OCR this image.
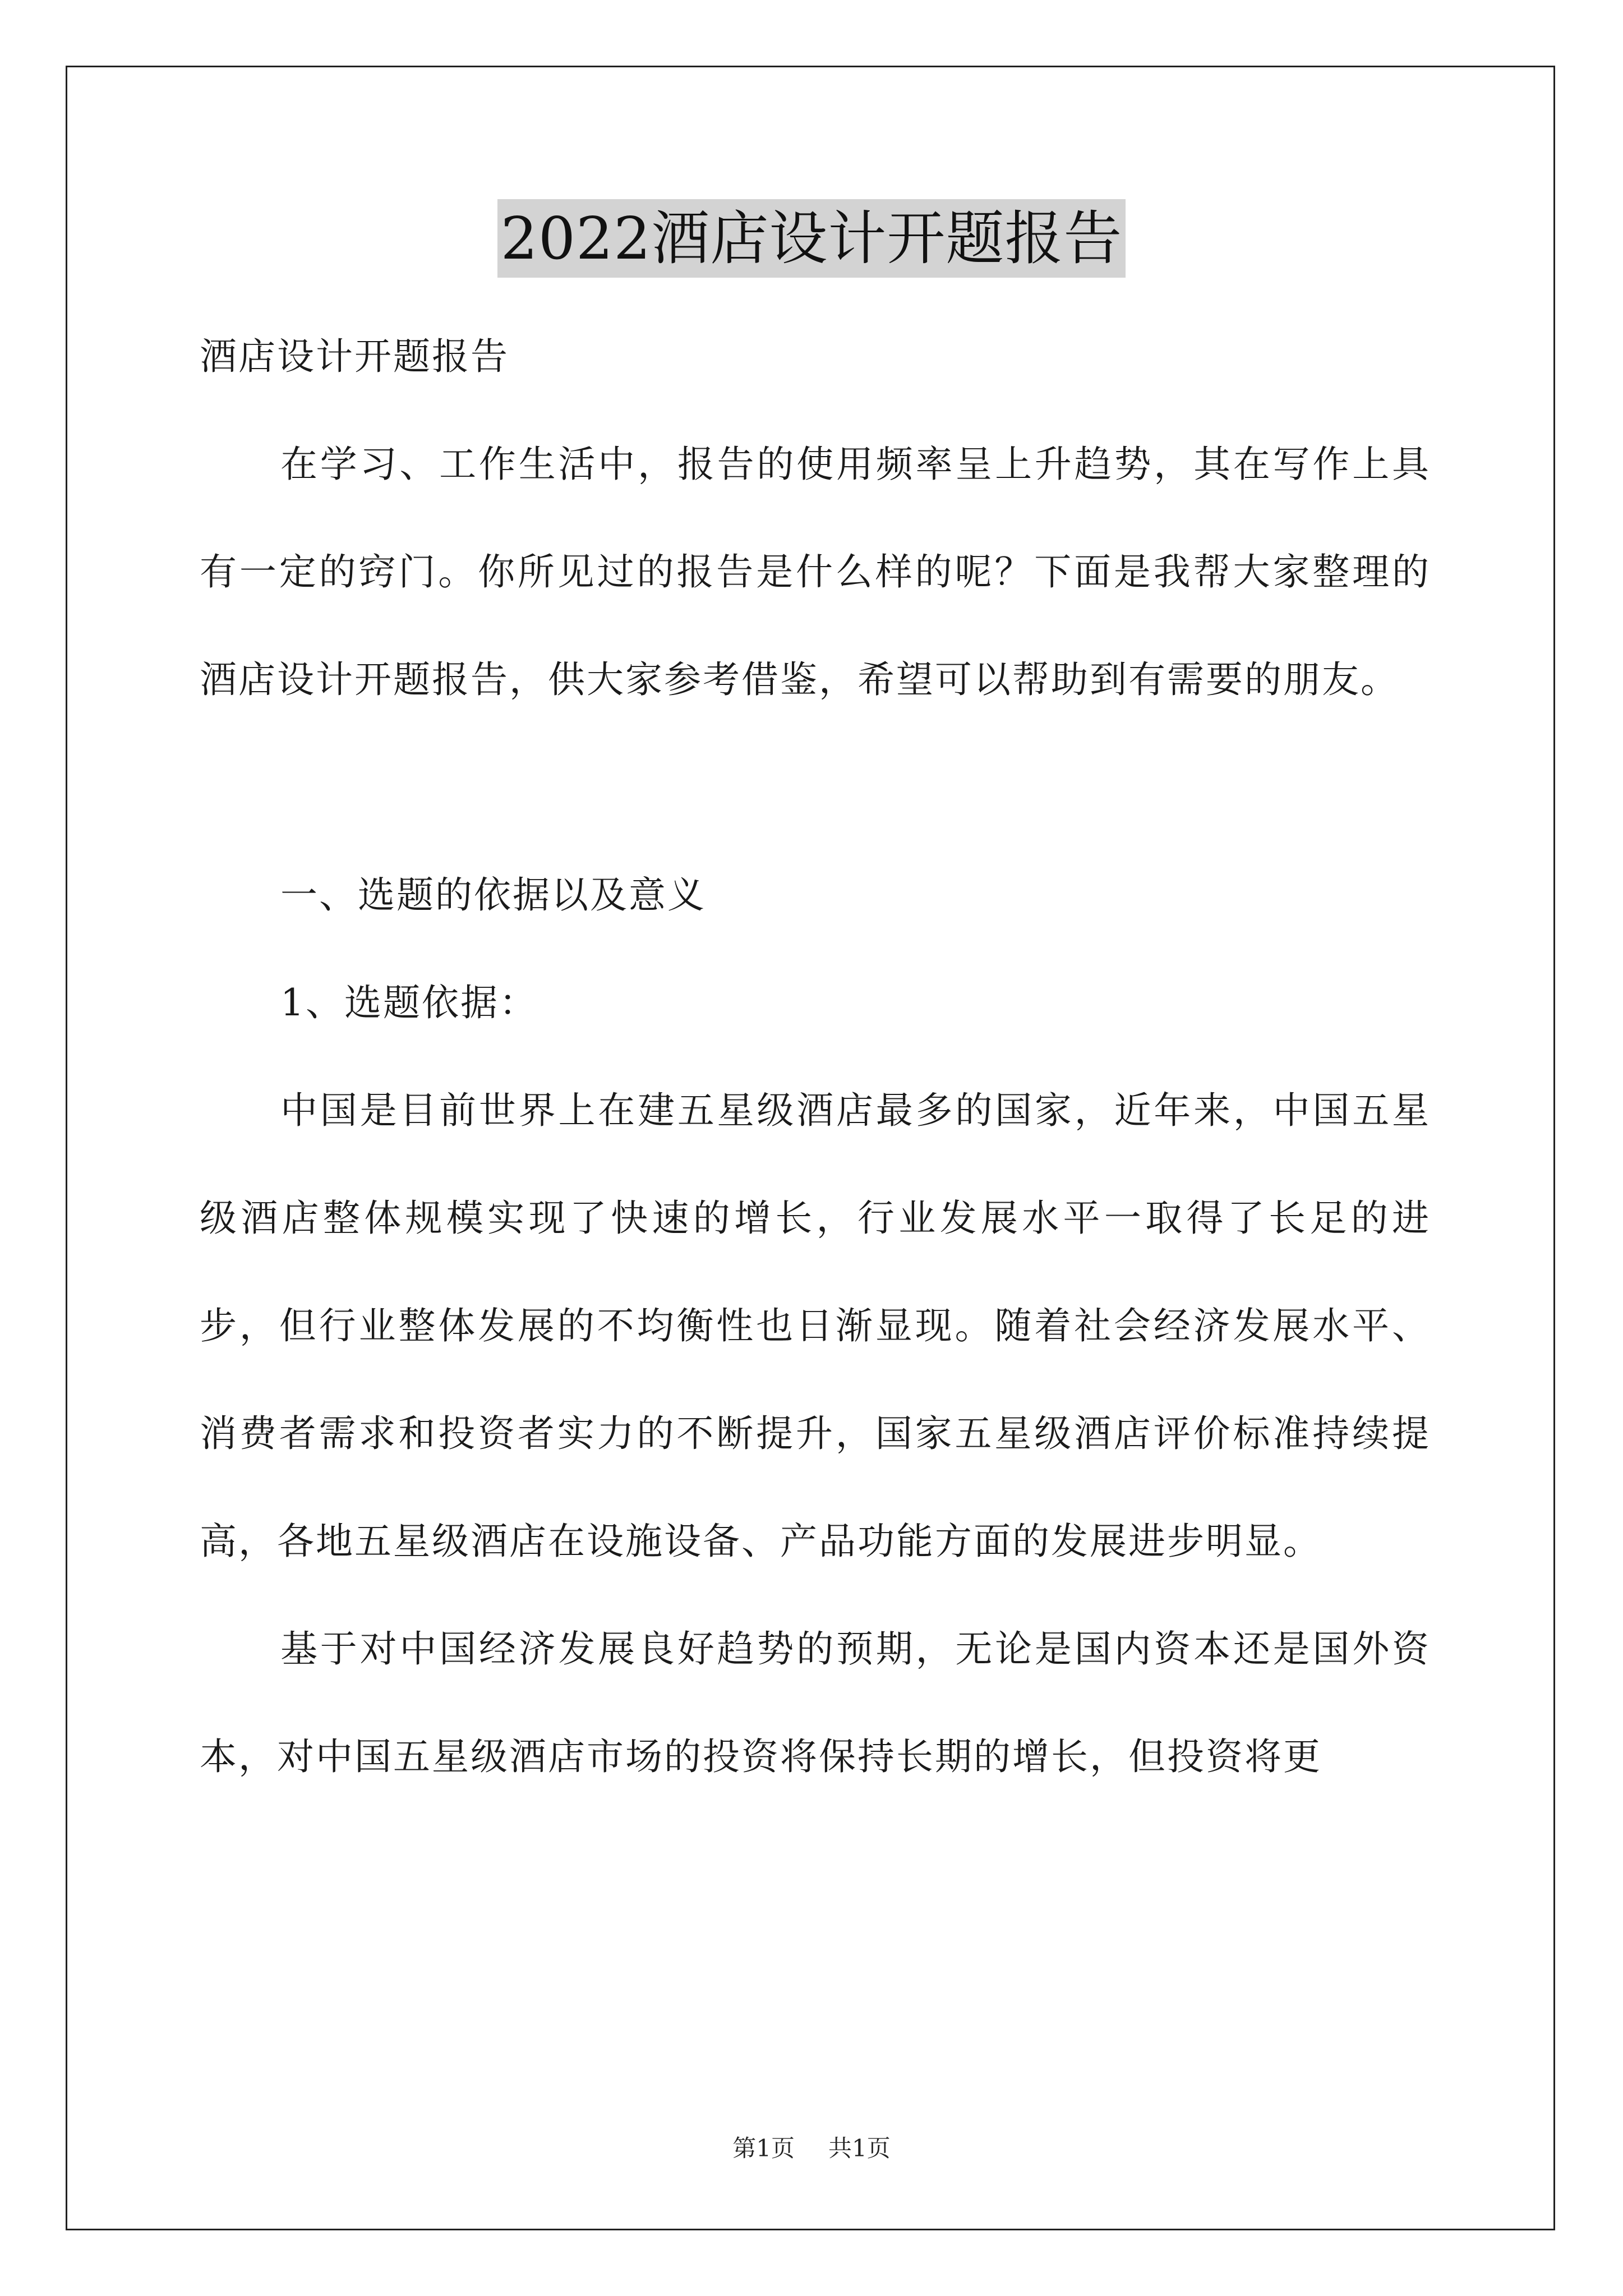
2022酒店设计开题报告

酒店设计开题报告

在学习、工作生活中，报告的使用频率呈上升趋势，其在写作上具有一定的窍门。你所见过的报告是什么样的呢？下面是我帮大家整理的酒店设计开题报告，供大家参考借鉴，希望可以帮助到有需要的朋友。

一、选题的依据以及意义

1、选题依据：

中国是目前世界上在建五星级酒店最多的国家，近年来，中国五星级酒店整体规模实现了快速的增长，行业发展水平一取得了长足的进步，但行业整体发展的不均衡性也日渐显现。随着社会经济发展水平、消费者需求和投资者实力的不断提升，国家五星级酒店评价标准持续提高，各地五星级酒店在设施设备、产品功能方面的发展进步明显。

基于对中国经济发展良好趋势的预期，无论是国内资本还是国外资本，对中国五星级酒店市场的投资将保持长期的增长，但投资将更

第1页 共1页
